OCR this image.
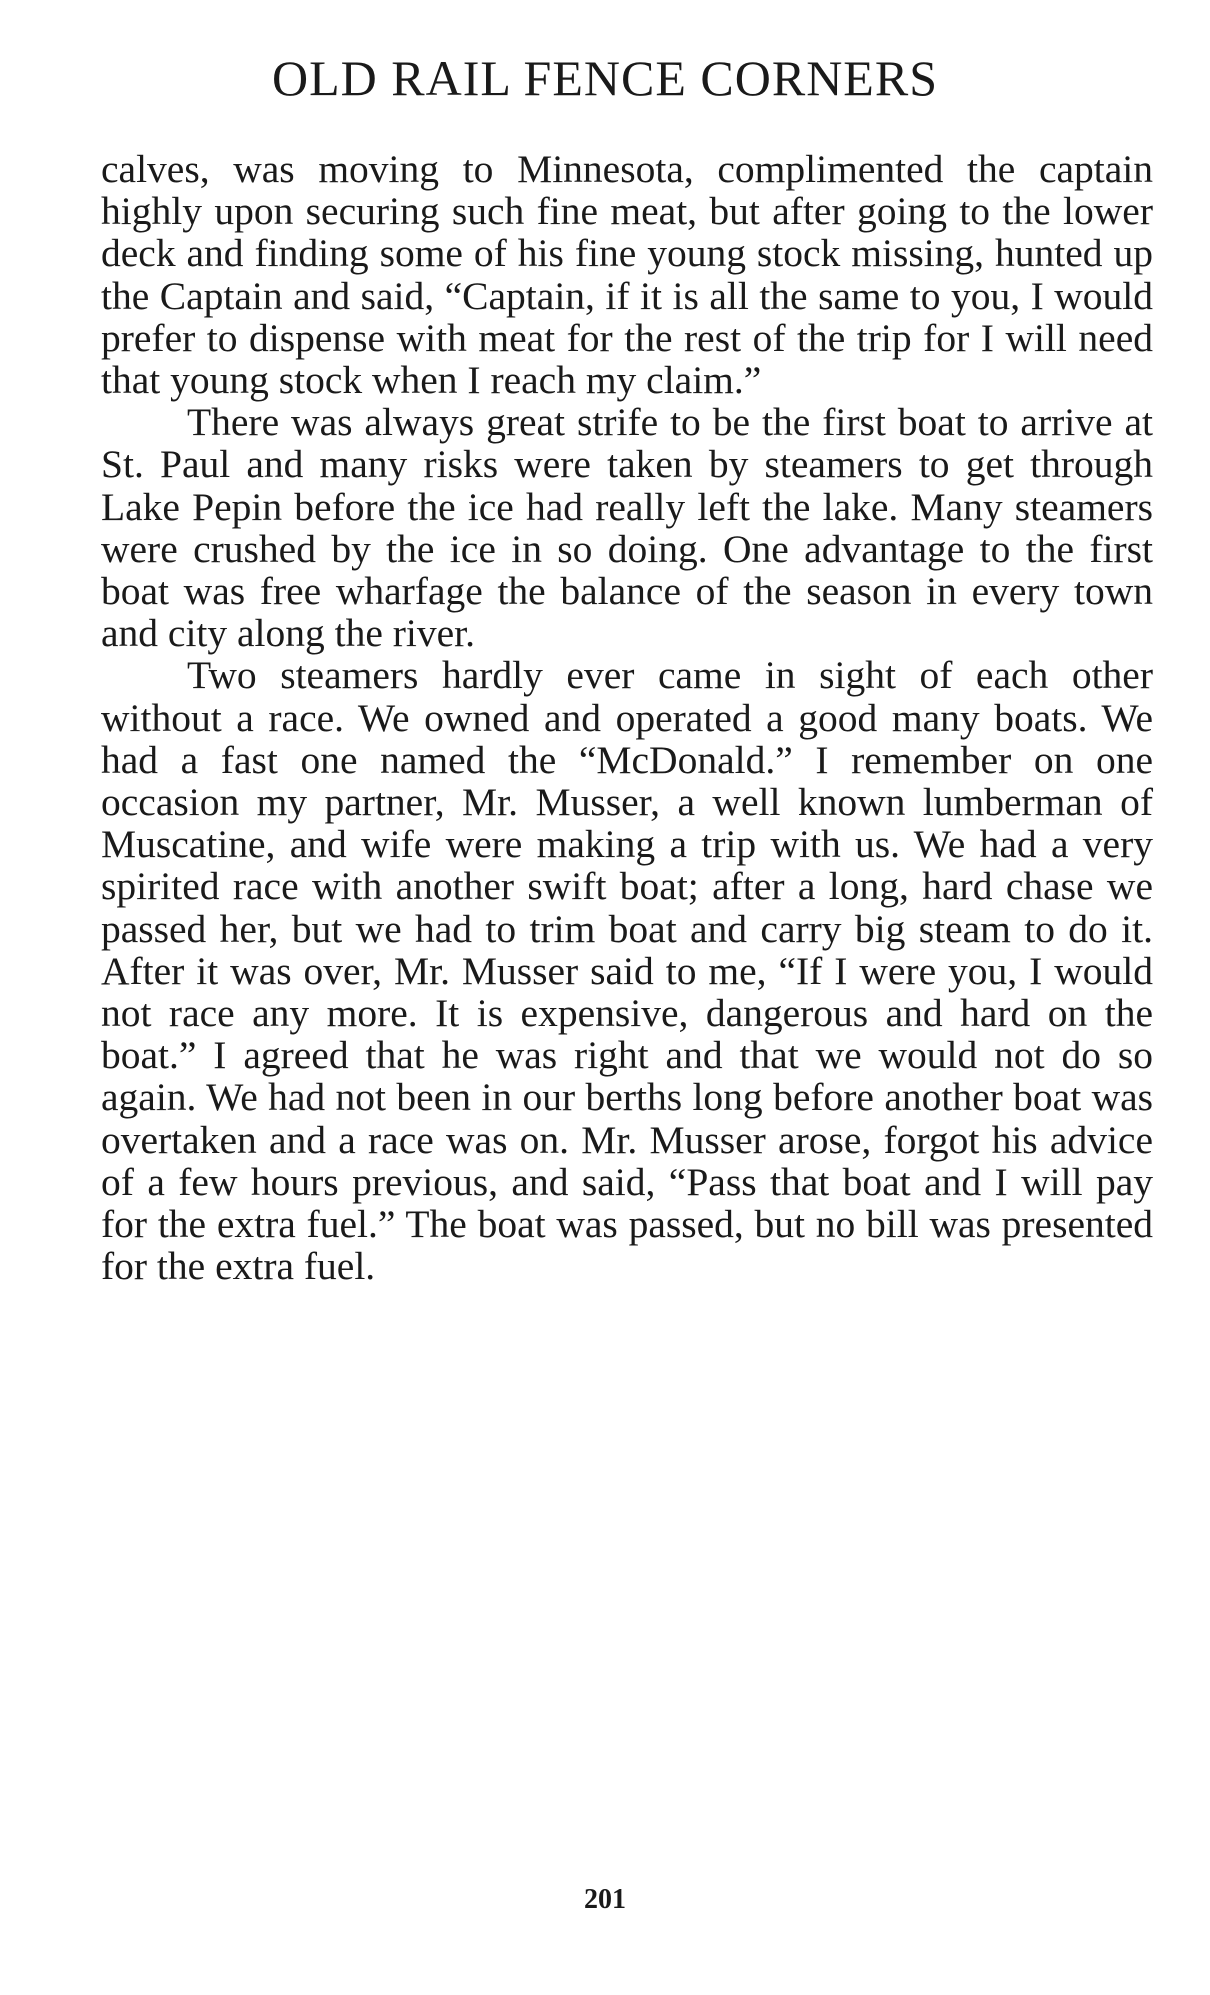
OLD RAIL FENCE CORNERS

calves, was moving to Minnesota, complimented the captain highly upon securing such fine meat, but after going to the lower deck and finding some of his fine young stock missing, hunted up the Captain and said, “Captain, if it is all the same to you, I would prefer to dispense with meat for the rest of the trip for I will need that young stock when I reach my claim.”

There was always great strife to be the first boat to arrive at St. Paul and many risks were taken by steamers to get through Lake Pepin before the ice had really left the lake. Many steamers were crushed by the ice in so doing. One advantage to the first boat was free wharfage the balance of the season in every town and city along the river.

Two steamers hardly ever came in sight of each other without a race. We owned and operated a good many boats. We had a fast one named the “McDonald.” I remember on one occasion my partner, Mr. Musser, a well known lumberman of Muscatine, and wife were making a trip with us. We had a very spirited race with another swift boat; after a long, hard chase we passed her, but we had to trim boat and carry big steam to do it. After it was over, Mr. Musser said to me, “If I were you, I would not race any more. It is expensive, dangerous and hard on the boat.” I agreed that he was right and that we would not do so again. We had not been in our berths long before another boat was overtaken and a race was on. Mr. Musser arose, forgot his advice of a few hours previous, and said, “Pass that boat and I will pay for the extra fuel.” The boat was passed, but no bill was presented for the extra fuel.

201
